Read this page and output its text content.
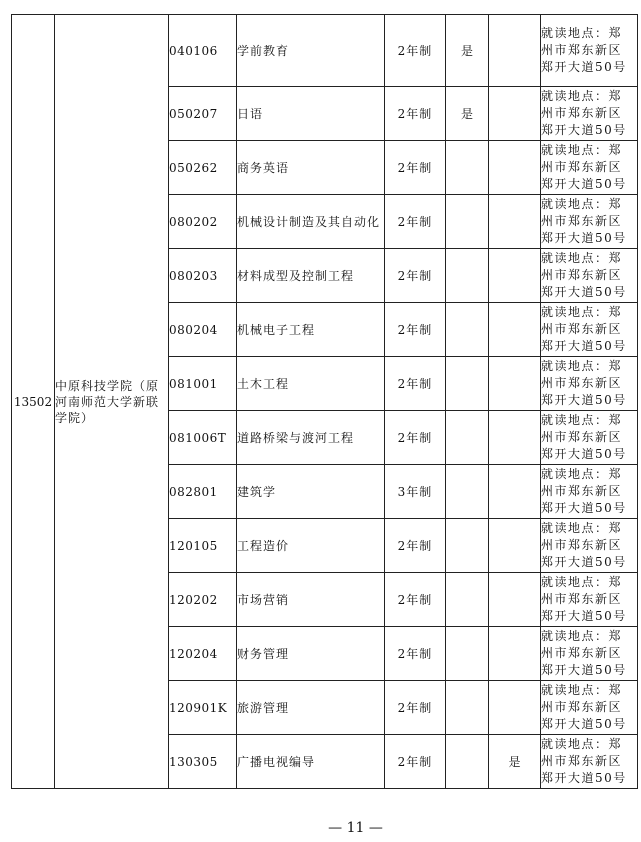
13502	中原科技学院（原河南师范大学新联学院）	040106	学前教育	2年制	是		就读地点：郑
州市郑东新区
郑开大道50号

		050207	日语	2年制	是		就读地点：郑
州市郑东新区
郑开大道50号

		050262	商务英语	2年制			就读地点：郑
州市郑东新区
郑开大道50号

		080202	机械设计制造及其自动化	2年制			就读地点：郑
州市郑东新区
郑开大道50号

		080203	材料成型及控制工程	2年制			就读地点：郑
州市郑东新区
郑开大道50号

		080204	机械电子工程	2年制			就读地点：郑
州市郑东新区
郑开大道50号

		081001	土木工程	2年制			就读地点：郑
州市郑东新区
郑开大道50号

		081006T	道路桥梁与渡河工程	2年制			就读地点：郑
州市郑东新区
郑开大道50号

		082801	建筑学	3年制			就读地点：郑
州市郑东新区
郑开大道50号

		120105	工程造价	2年制			就读地点：郑
州市郑东新区
郑开大道50号

		120202	市场营销	2年制			就读地点：郑
州市郑东新区
郑开大道50号

		120204	财务管理	2年制			就读地点：郑
州市郑东新区
郑开大道50号

		120901K	旅游管理	2年制			就读地点：郑
州市郑东新区
郑开大道50号

		130305	广播电视编导	2年制		是	就读地点：郑
州市郑东新区
郑开大道50号
— 11 —
